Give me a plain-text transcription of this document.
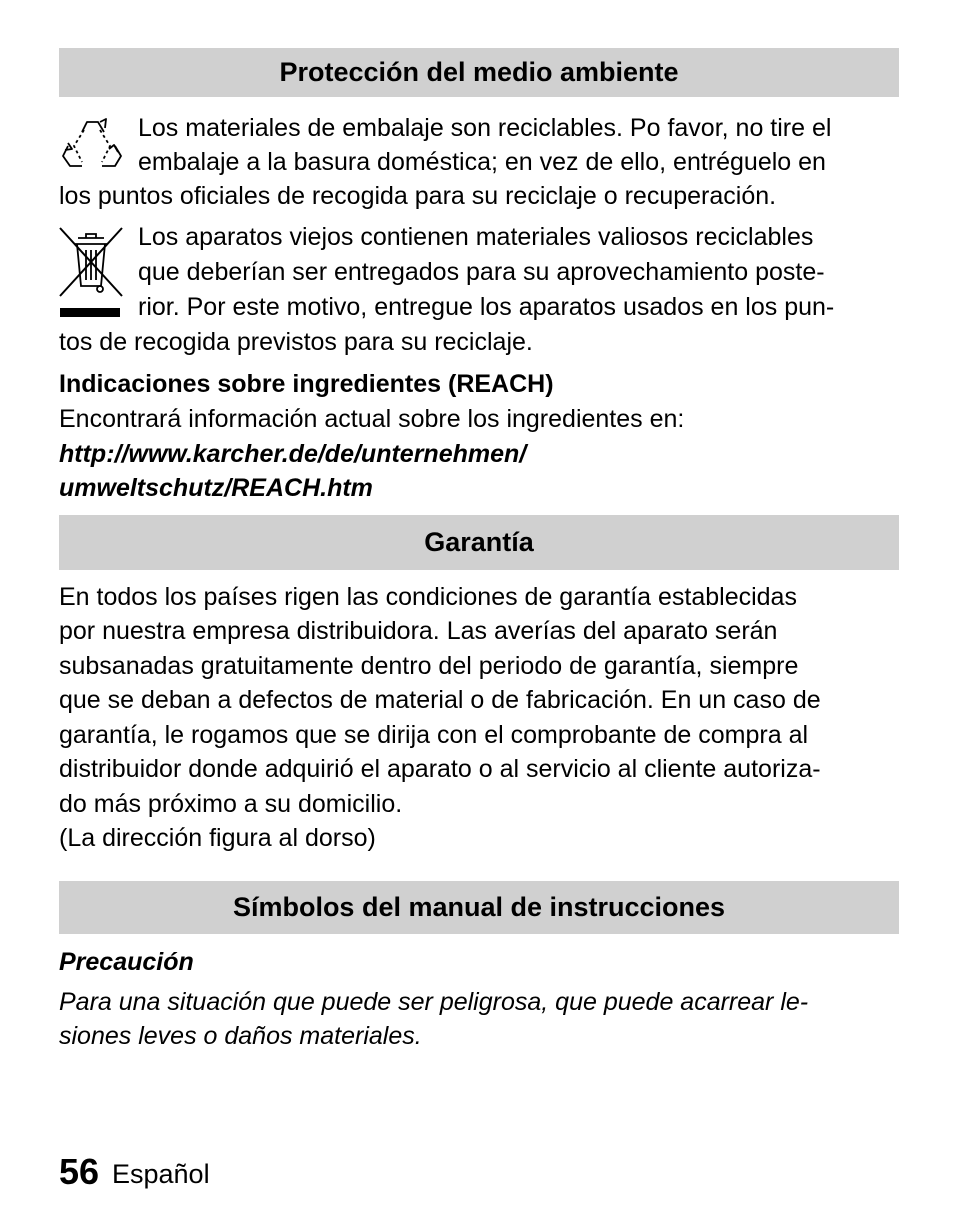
Protección del medio ambiente
Los materiales de embalaje son reciclables. Po favor, no tire el
embalaje a la basura doméstica; en vez de ello, entréguelo en
los puntos oficiales de recogida para su reciclaje o recuperación.
Los aparatos viejos contienen materiales valiosos reciclables
que deberían ser entregados para su aprovechamiento poste-
rior. Por este motivo, entregue los aparatos usados en los pun-
tos de recogida previstos para su reciclaje.
Indicaciones sobre ingredientes (REACH)
Encontrará información actual sobre los ingredientes en:
http://www.karcher.de/de/unternehmen/
umweltschutz/REACH.htm
Garantía
En todos los países rigen las condiciones de garantía establecidas
por nuestra empresa distribuidora. Las averías del aparato serán
subsanadas gratuitamente dentro del periodo de garantía, siempre
que se deban a defectos de material o de fabricación. En un caso de
garantía, le rogamos que se dirija con el comprobante de compra al
distribuidor donde adquirió el aparato o al servicio al cliente autoriza-
do más próximo a su domicilio.
(La dirección figura al dorso)
Símbolos del manual de instrucciones
Precaución
Para una situación que puede ser peligrosa, que puede acarrear le-
siones leves o daños materiales.
56 Español
